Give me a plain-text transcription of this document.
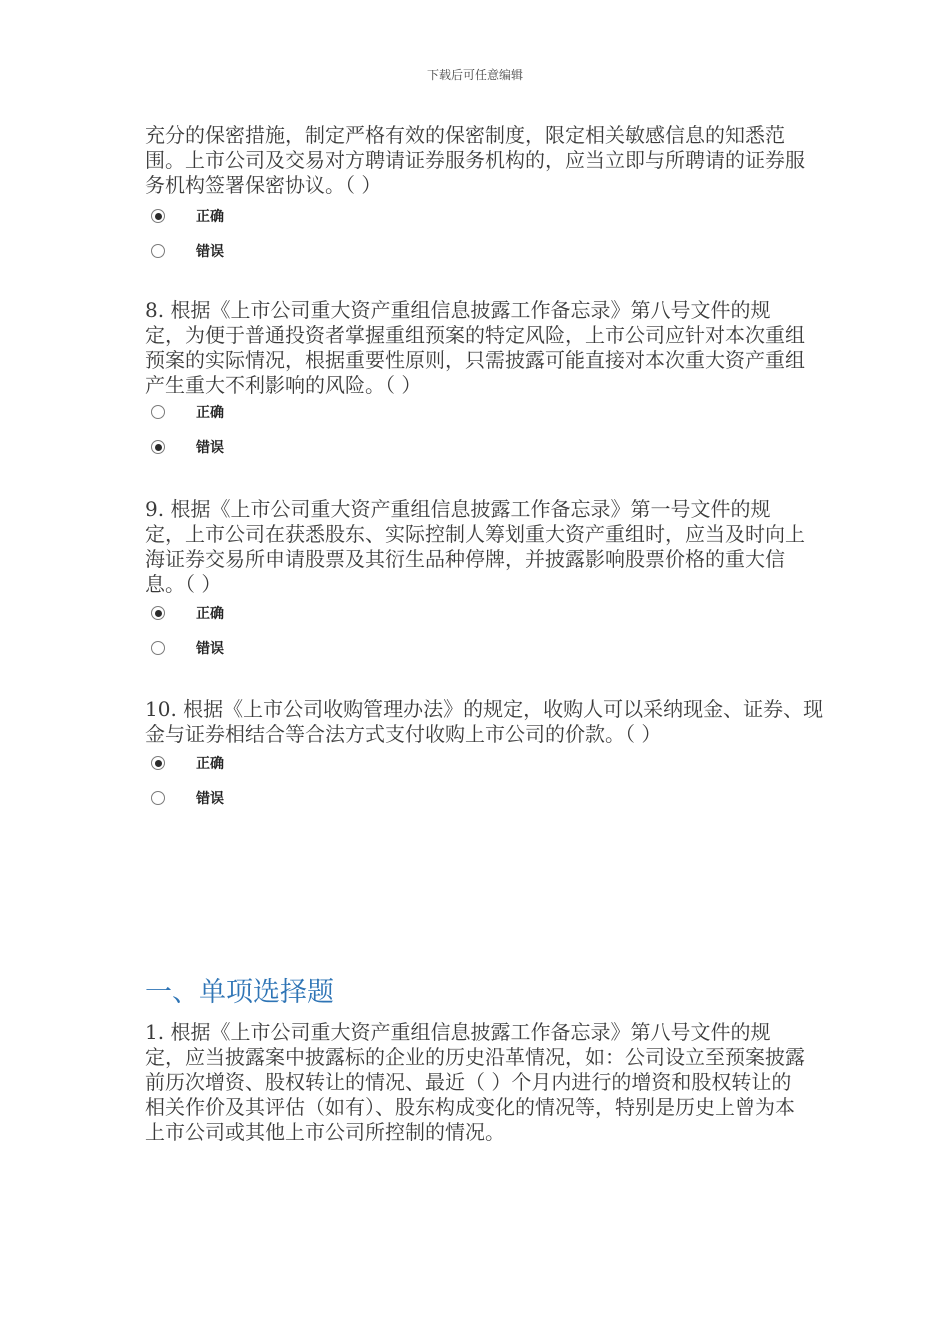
下载后可任意编辑

充分的保密措施，制定严格有效的保密制度，限定相关敏感信息的知悉范围。上市公司及交易对方聘请证券服务机构的，应当立即与所聘请的证券服务机构签署保密协议。（ ）

正确
错误

8. 根据《上市公司重大资产重组信息披露工作备忘录》第八号文件的规定，为便于普通投资者掌握重组预案的特定风险，上市公司应针对本次重组预案的实际情况，根据重要性原则，只需披露可能直接对本次重大资产重组产生重大不利影响的风险。（ ）

正确
错误

9. 根据《上市公司重大资产重组信息披露工作备忘录》第一号文件的规定，上市公司在获悉股东、实际控制人筹划重大资产重组时，应当及时向上海证券交易所申请股票及其衍生品种停牌，并披露影响股票价格的重大信息。（ ）

正确
错误

10. 根据《上市公司收购管理办法》的规定，收购人可以采纳现金、证券、现金与证券相结合等合法方式支付收购上市公司的价款。（ ）

正确
错误
一、单项选择题

1. 根据《上市公司重大资产重组信息披露工作备忘录》第八号文件的规定，应当披露案中披露标的企业的历史沿革情况，如：公司设立至预案披露前历次增资、股权转让的情况、最近（ ）个月内进行的增资和股权转让的相关作价及其评估（如有）、股东构成变化的情况等，特别是历史上曾为本上市公司或其他上市公司所控制的情况。
